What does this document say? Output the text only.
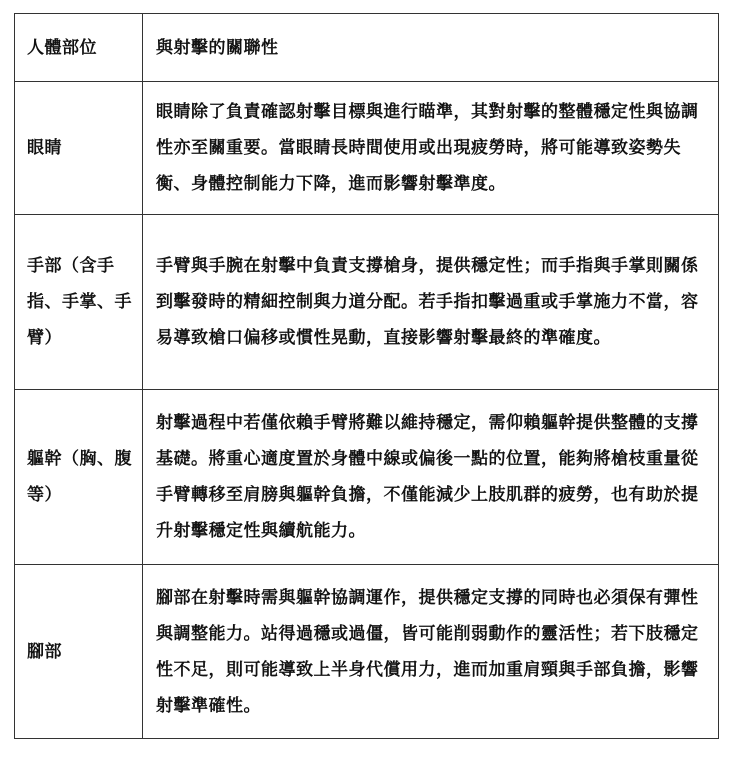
人體部位	與射擊的關聯性
眼睛	眼睛除了負責確認射擊目標與進行瞄準，其對射擊的整體穩定性與協調性亦至關重要。當眼睛長時間使用或出現疲勞時，將可能導致姿勢失衡、身體控制能力下降，進而影響射擊準度。
手部（含手指、手掌、手臂）	手臂與手腕在射擊中負責支撐槍身，提供穩定性；而手指與手掌則關係到擊發時的精細控制與力道分配。若手指扣擊過重或手掌施力不當，容易導致槍口偏移或慣性晃動，直接影響射擊最終的準確度。
軀幹（胸、腹等）	射擊過程中若僅依賴手臂將難以維持穩定，需仰賴軀幹提供整體的支撐基礎。將重心適度置於身體中線或偏後一點的位置，能夠將槍枝重量從手臂轉移至肩膀與軀幹負擔，不僅能減少上肢肌群的疲勞，也有助於提升射擊穩定性與續航能力。
腳部	腳部在射擊時需與軀幹協調運作，提供穩定支撐的同時也必須保有彈性與調整能力。站得過穩或過僵，皆可能削弱動作的靈活性；若下肢穩定性不足，則可能導致上半身代償用力，進而加重肩頸與手部負擔，影響射擊準確性。
